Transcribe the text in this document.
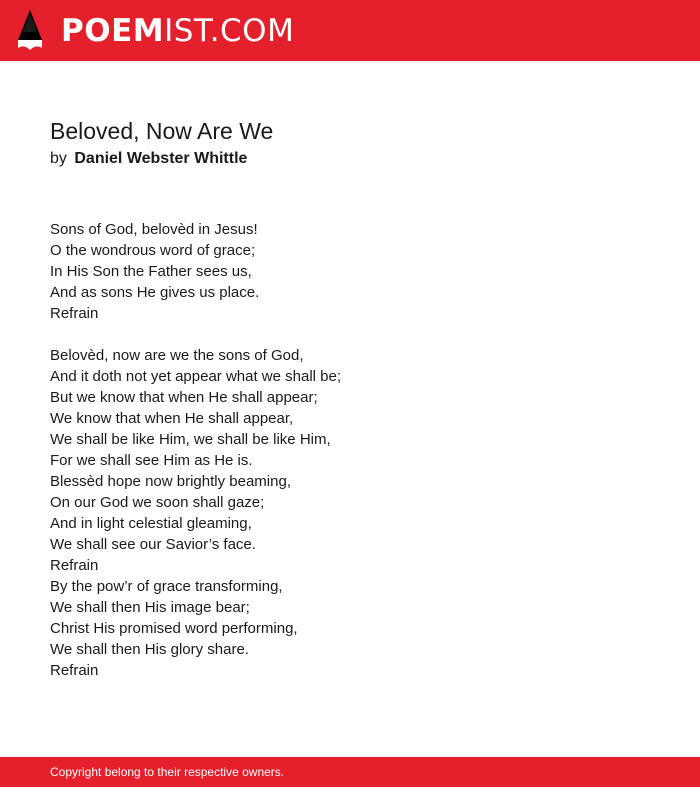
POEMIST.COM
Beloved, Now Are We
by Daniel Webster Whittle
Sons of God, belovèd in Jesus!
O the wondrous word of grace;
In His Son the Father sees us,
And as sons He gives us place.
Refrain
Belovèd, now are we the sons of God,
And it doth not yet appear what we shall be;
But we know that when He shall appear;
We know that when He shall appear,
We shall be like Him, we shall be like Him,
For we shall see Him as He is.
Blessèd hope now brightly beaming,
On our God we soon shall gaze;
And in light celestial gleaming,
We shall see our Savior’s face.
Refrain
By the pow’r of grace transforming,
We shall then His image bear;
Christ His promised word performing,
We shall then His glory share.
Refrain
Copyright belong to their respective owners.
